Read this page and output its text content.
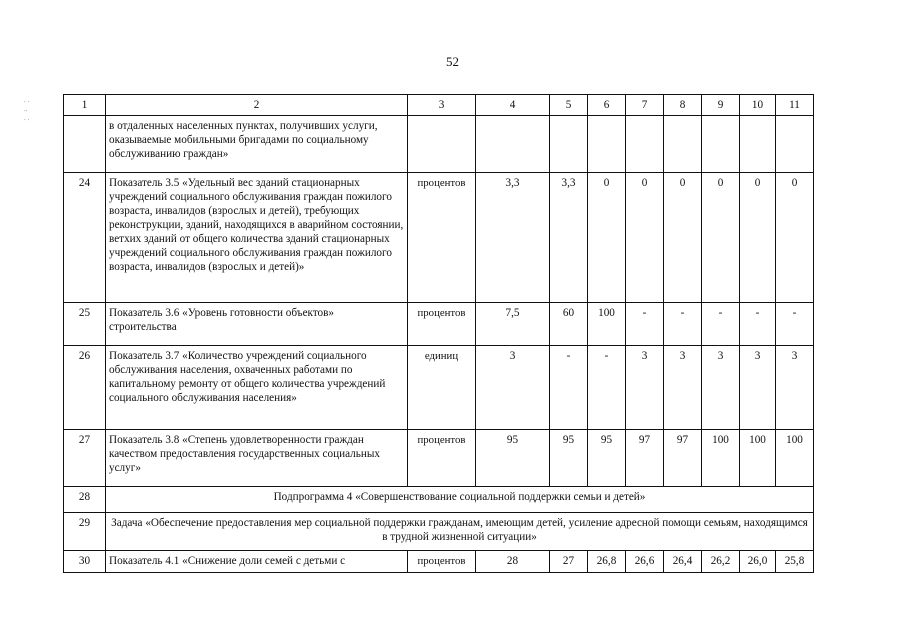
52
∙ ∙
∙∙
∙ ∙
1	2	3	4	5	6	7	8	9	10	11
	в отдаленных населенных пунктах, получивших услуги, оказываемые мобильными бригадами по социальному обслуживанию граждан»									
24	Показатель 3.5 «Удельный вес зданий стационарных учреждений социального обслуживания граждан пожилого возраста, инвалидов (взрослых и детей), требующих реконструкции, зданий, находящихся в аварийном состоянии, ветхих зданий от общего количества зданий стационарных учреждений социального обслуживания граждан пожилого возраста, инвалидов (взрослых и детей)»	процентов	3,3	3,3	0	0	0	0	0	0
25	Показатель 3.6 «Уровень готовности объектов» строительства	процентов	7,5	60	100	-	-	-	-	-
26	Показатель 3.7 «Количество учреждений социального обслуживания населения, охваченных работами по капитальному ремонту от общего количества учреждений социального обслуживания населения»	единиц	3	-	-	3	3	3	3	3
27	Показатель 3.8 «Степень удовлетворенности граждан качеством предоставления государственных социальных услуг»	процентов	95	95	95	97	97	100	100	100
28	Подпрограмма 4 «Совершенствование социальной поддержки семьи и детей»									
29	Задача «Обеспечение предоставления мер социальной поддержки гражданам, имеющим детей, усиление адресной помощи семьям, находящимся в трудной жизненной ситуации»									
30	Показатель 4.1 «Снижение доли семей с детьми с	процентов	28	27	26,8	26,6	26,4	26,2	26,0	25,8
